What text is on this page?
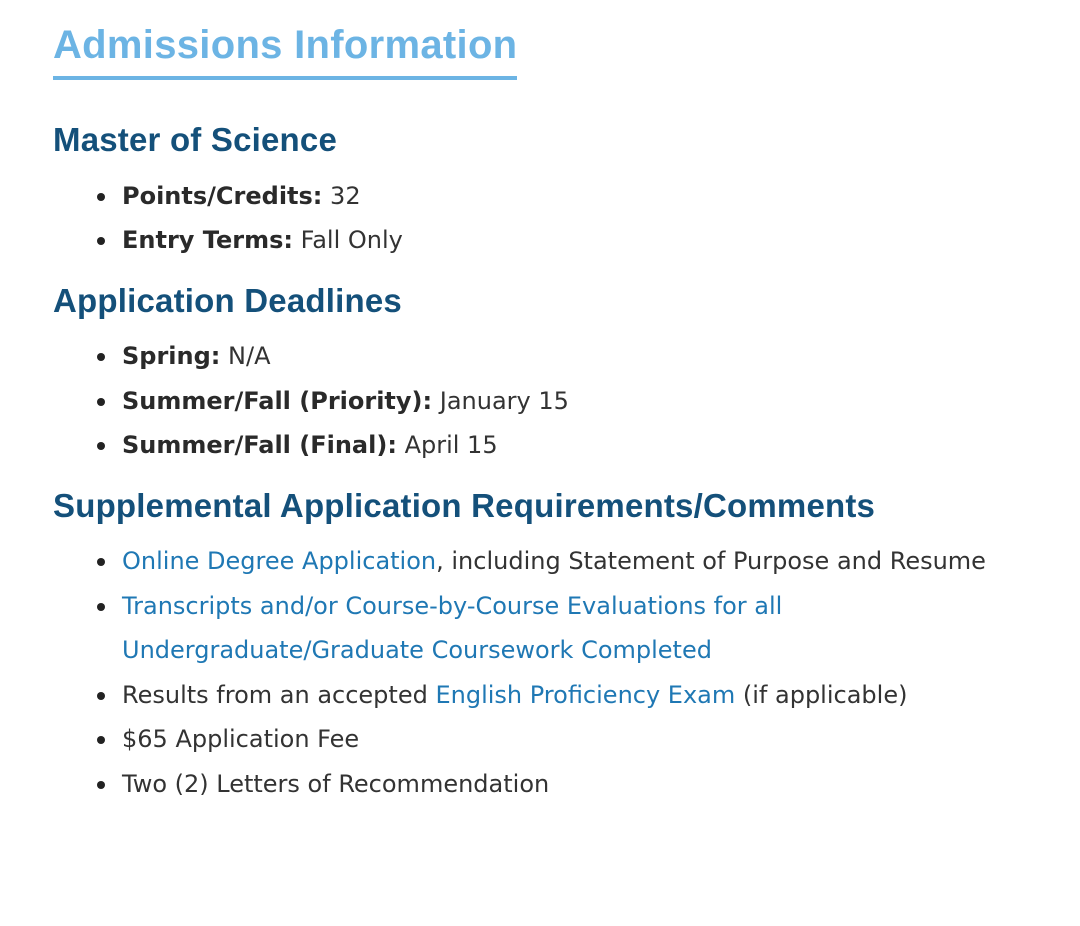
Admissions Information
Master of Science
Points/Credits: 32
Entry Terms: Fall Only
Application Deadlines
Spring: N/A
Summer/Fall (Priority): January 15
Summer/Fall (Final): April 15
Supplemental Application Requirements/Comments
Online Degree Application, including Statement of Purpose and Resume
Transcripts and/or Course-by-Course Evaluations for all Undergraduate/Graduate Coursework Completed
Results from an accepted English Proficiency Exam (if applicable)
$65 Application Fee
Two (2) Letters of Recommendation
